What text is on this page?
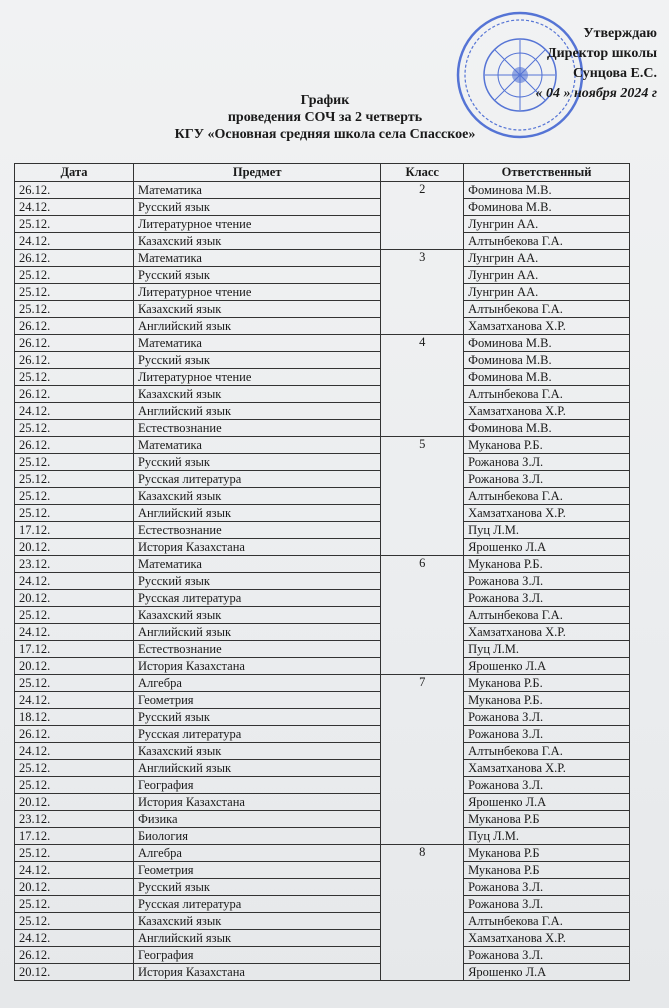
Утверждаю
Директор школы
Сунцова Е.С.
« 04 » ноября 2024 г
График
проведения СОЧ за 2 четверть
КГУ «Основная средняя школа села Спасское»
Дата	Предмет	Класс	Ответственный
26.12.	Математика	2	Фоминова М.В.
24.12.	Русский язык		Фоминова М.В.
25.12.	Литературное чтение		Лунгрин АА.
24.12.	Казахский язык		Алтынбекова Г.А.
26.12.	Математика	3	Лунгрин АА.
25.12.	Русский язык		Лунгрин АА.
25.12.	Литературное чтение		Лунгрин АА.
25.12.	Казахский язык		Алтынбекова Г.А.
26.12.	Английский язык		Хамзатханова Х.Р.
26.12.	Математика	4	Фоминова М.В.
26.12.	Русский язык		Фоминова М.В.
25.12.	Литературное чтение		Фоминова М.В.
26.12.	Казахский язык		Алтынбекова Г.А.
24.12.	Английский язык		Хамзатханова Х.Р.
25.12.	Естествознание		Фоминова М.В.
26.12.	Математика	5	Муканова Р.Б.
25.12.	Русский язык		Рожанова З.Л.
25.12.	Русская литература		Рожанова З.Л.
25.12.	Казахский язык		Алтынбекова Г.А.
25.12.	Английский язык		Хамзатханова Х.Р.
17.12.	Естествознание		Пуц Л.М.
20.12.	История Казахстана		Ярошенко Л.А
23.12.	Математика	6	Муканова Р.Б.
24.12.	Русский язык		Рожанова З.Л.
20.12.	Русская литература		Рожанова З.Л.
25.12.	Казахский язык		Алтынбекова Г.А.
24.12.	Английский язык		Хамзатханова Х.Р.
17.12.	Естествознание		Пуц Л.М.
20.12.	История Казахстана		Ярошенко Л.А
25.12.	Алгебра	7	Муканова Р.Б.
24.12.	Геометрия		Муканова Р.Б.
18.12.	Русский язык		Рожанова З.Л.
26.12.	Русская литература		Рожанова З.Л.
24.12.	Казахский язык		Алтынбекова Г.А.
25.12.	Английский язык		Хамзатханова Х.Р.
25.12.	География		Рожанова З.Л.
20.12.	История Казахстана		Ярошенко Л.А
23.12.	Физика		Муканова Р.Б
17.12.	Биология		Пуц Л.М.
25.12.	Алгебра	8	Муканова Р.Б
24.12.	Геометрия		Муканова Р.Б
20.12.	Русский язык		Рожанова З.Л.
25.12.	Русская литература		Рожанова З.Л.
25.12.	Казахский язык		Алтынбекова Г.А.
24.12.	Английский язык		Хамзатханова Х.Р.
26.12.	География		Рожанова З.Л.
20.12.	История Казахстана		Ярошенко Л.А
